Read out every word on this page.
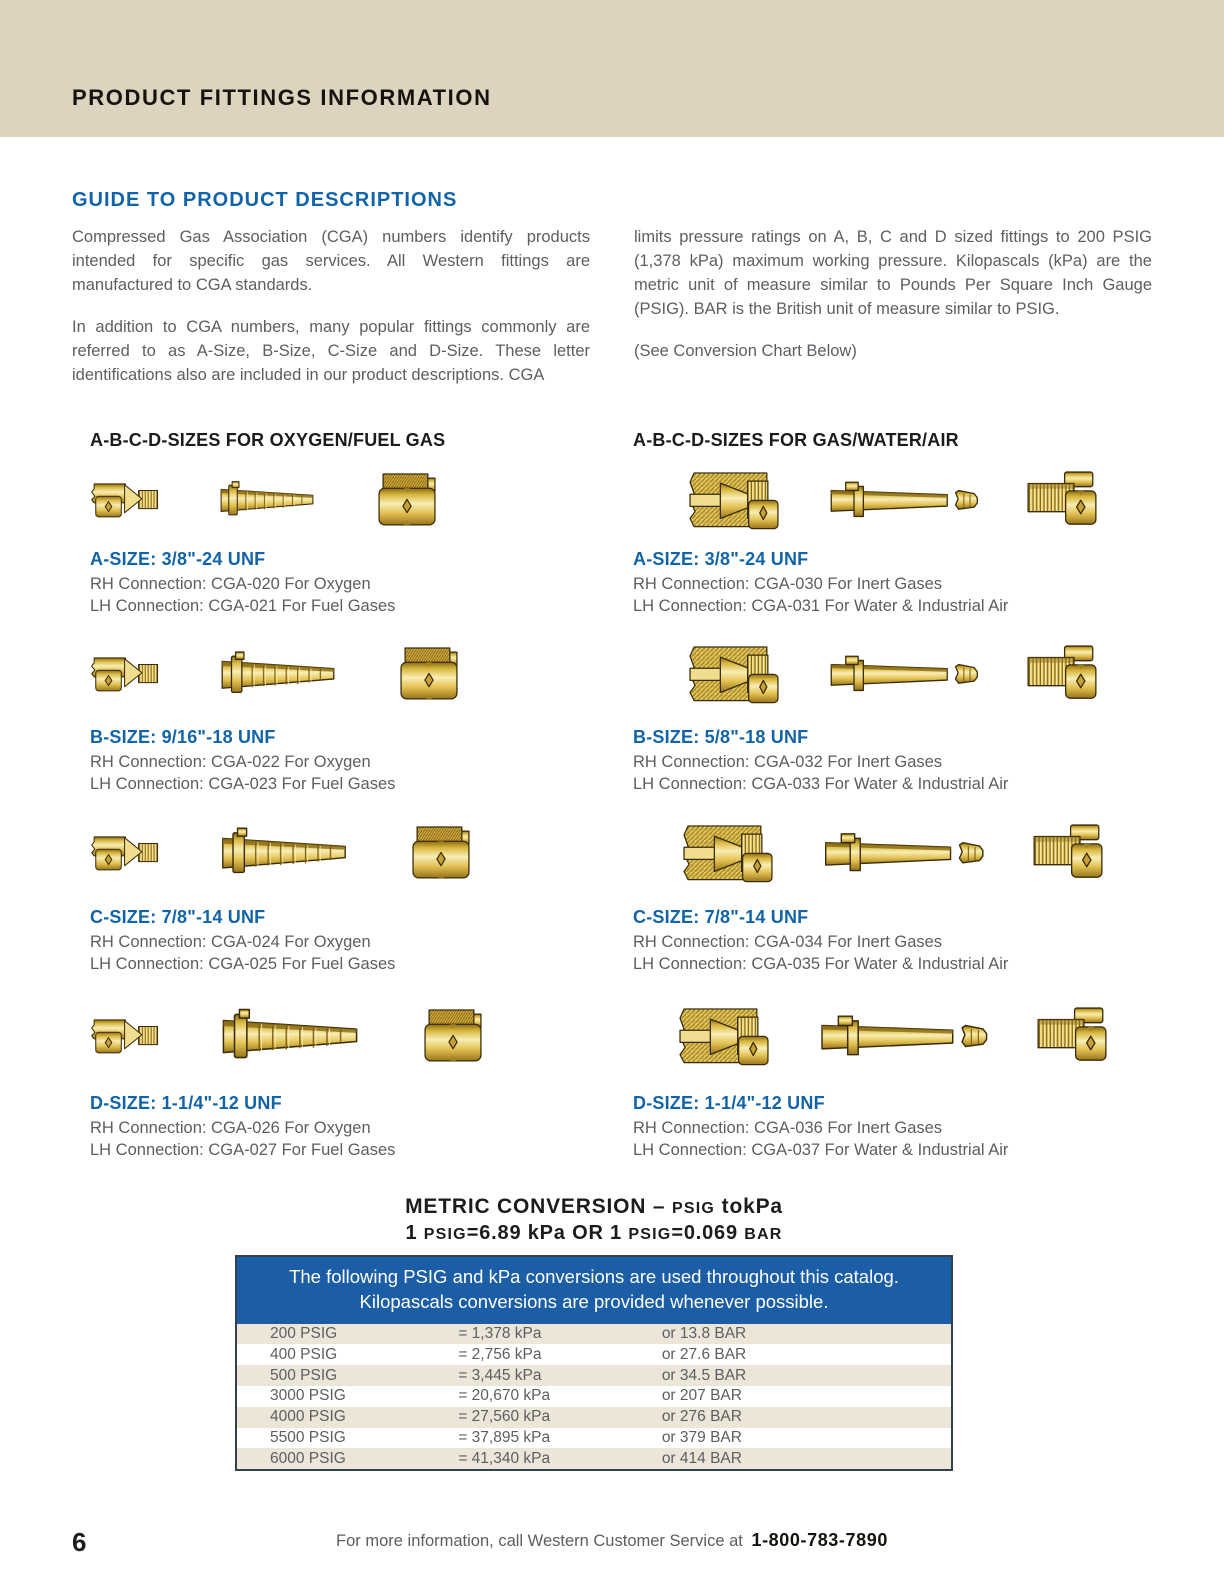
PRODUCT FITTINGS INFORMATION
GUIDE TO PRODUCT DESCRIPTIONS

Compressed Gas Association (CGA) numbers identify products intended for specific gas services. All Western fittings are manufactured to CGA standards.

In addition to CGA numbers, many popular fittings commonly are referred to as A-Size, B-Size, C-Size and D-Size. These letter identifications also are included in our product descriptions. CGA

limits pressure ratings on A, B, C and D sized fittings to 200 PSIG (1,378 kPa) maximum working pressure. Kilopascals (kPa) are the metric unit of measure similar to Pounds Per Square Inch Gauge (PSIG). BAR is the British unit of measure similar to PSIG.

(See Conversion Chart Below)

A-B-C-D-SIZES FOR OXYGEN/FUEL GAS
A-SIZE: 3/8"-24 UNF

RH Connection: CGA-020 For Oxygen

LH Connection: CGA-021 For Fuel Gases

B-SIZE: 9/16"-18 UNF

RH Connection: CGA-022 For Oxygen

LH Connection: CGA-023 For Fuel Gases

C-SIZE: 7/8"-14 UNF

RH Connection: CGA-024 For Oxygen

LH Connection: CGA-025 For Fuel Gases

D-SIZE: 1-1/4"-12 UNF

RH Connection: CGA-026 For Oxygen

LH Connection: CGA-027 For Fuel Gases

A-B-C-D-SIZES FOR GAS/WATER/AIR
A-SIZE: 3/8"-24 UNF

RH Connection: CGA-030 For Inert Gases

LH Connection: CGA-031 For Water & Industrial Air

B-SIZE: 5/8"-18 UNF

RH Connection: CGA-032 For Inert Gases

LH Connection: CGA-033 For Water & Industrial Air

C-SIZE: 7/8"-14 UNF

RH Connection: CGA-034 For Inert Gases

LH Connection: CGA-035 For Water & Industrial Air

D-SIZE: 1-1/4"-12 UNF

RH Connection: CGA-036 For Inert Gases

LH Connection: CGA-037 For Water & Industrial Air

METRIC CONVERSION – PSIG tokPa
1 PSIG=6.89 kPa OR 1 PSIG=0.069 BAR
The following PSIG and kPa conversions are used throughout this catalog.
Kilopascals conversions are provided whenever possible.
200 PSIG	= 1,378 kPa	or 13.8 BAR
400 PSIG	= 2,756 kPa	or 27.6 BAR
500 PSIG	= 3,445 kPa	or 34.5 BAR
3000 PSIG	= 20,670 kPa	or 207 BAR
4000 PSIG	= 27,560 kPa	or 276 BAR
5500 PSIG	= 37,895 kPa	or 379 BAR
6000 PSIG	= 41,340 kPa	or 414 BAR
6	For more information, call Western Customer Service at 1-800-783-7890
